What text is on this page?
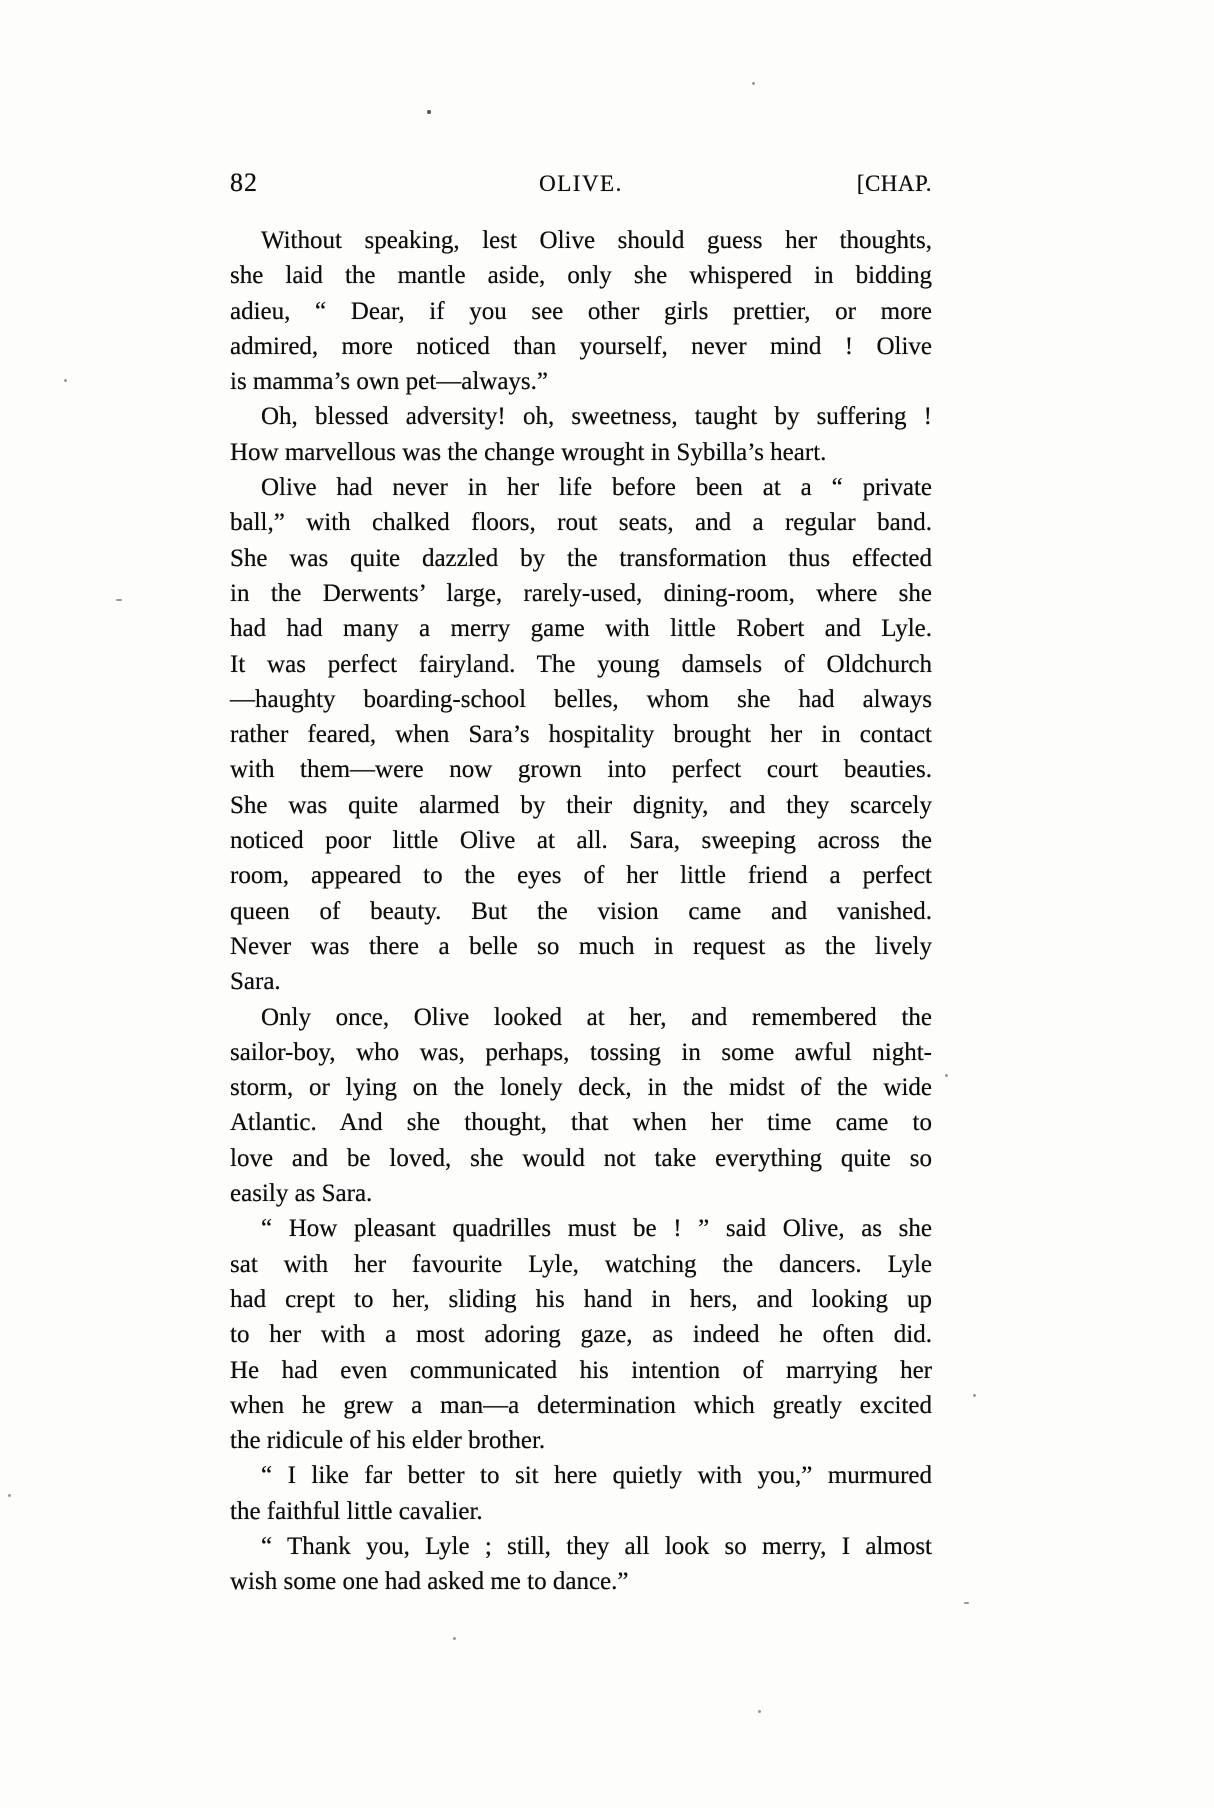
82	OLIVE.	[CHAP.
Without speaking, lest Olive should guess her thoughts,
she laid the mantle aside, only she whispered in bidding
adieu, “ Dear, if you see other girls prettier, or more
admired, more noticed than yourself, never mind ! Olive
is mamma’s own pet—always.”
Oh, blessed adversity! oh, sweetness, taught by suffering !
How marvellous was the change wrought in Sybilla’s heart.
Olive had never in her life before been at a “ private
ball,” with chalked floors, rout seats, and a regular band.
She was quite dazzled by the transformation thus effected
in the Derwents’ large, rarely-used, dining-room, where she
had had many a merry game with little Robert and Lyle.
It was perfect fairyland. The young damsels of Oldchurch
—haughty boarding-school belles, whom she had always
rather feared, when Sara’s hospitality brought her in contact
with them—were now grown into perfect court beauties.
She was quite alarmed by their dignity, and they scarcely
noticed poor little Olive at all. Sara, sweeping across the
room, appeared to the eyes of her little friend a perfect
queen of beauty. But the vision came and vanished.
Never was there a belle so much in request as the lively
Sara.
Only once, Olive looked at her, and remembered the
sailor-boy, who was, perhaps, tossing in some awful night-
storm, or lying on the lonely deck, in the midst of the wide
Atlantic. And she thought, that when her time came to
love and be loved, she would not take everything quite so
easily as Sara.
“ How pleasant quadrilles must be ! ” said Olive, as she
sat with her favourite Lyle, watching the dancers. Lyle
had crept to her, sliding his hand in hers, and looking up
to her with a most adoring gaze, as indeed he often did.
He had even communicated his intention of marrying her
when he grew a man—a determination which greatly excited
the ridicule of his elder brother.
“ I like far better to sit here quietly with you,” murmured
the faithful little cavalier.
“ Thank you, Lyle ; still, they all look so merry, I almost
wish some one had asked me to dance.”
